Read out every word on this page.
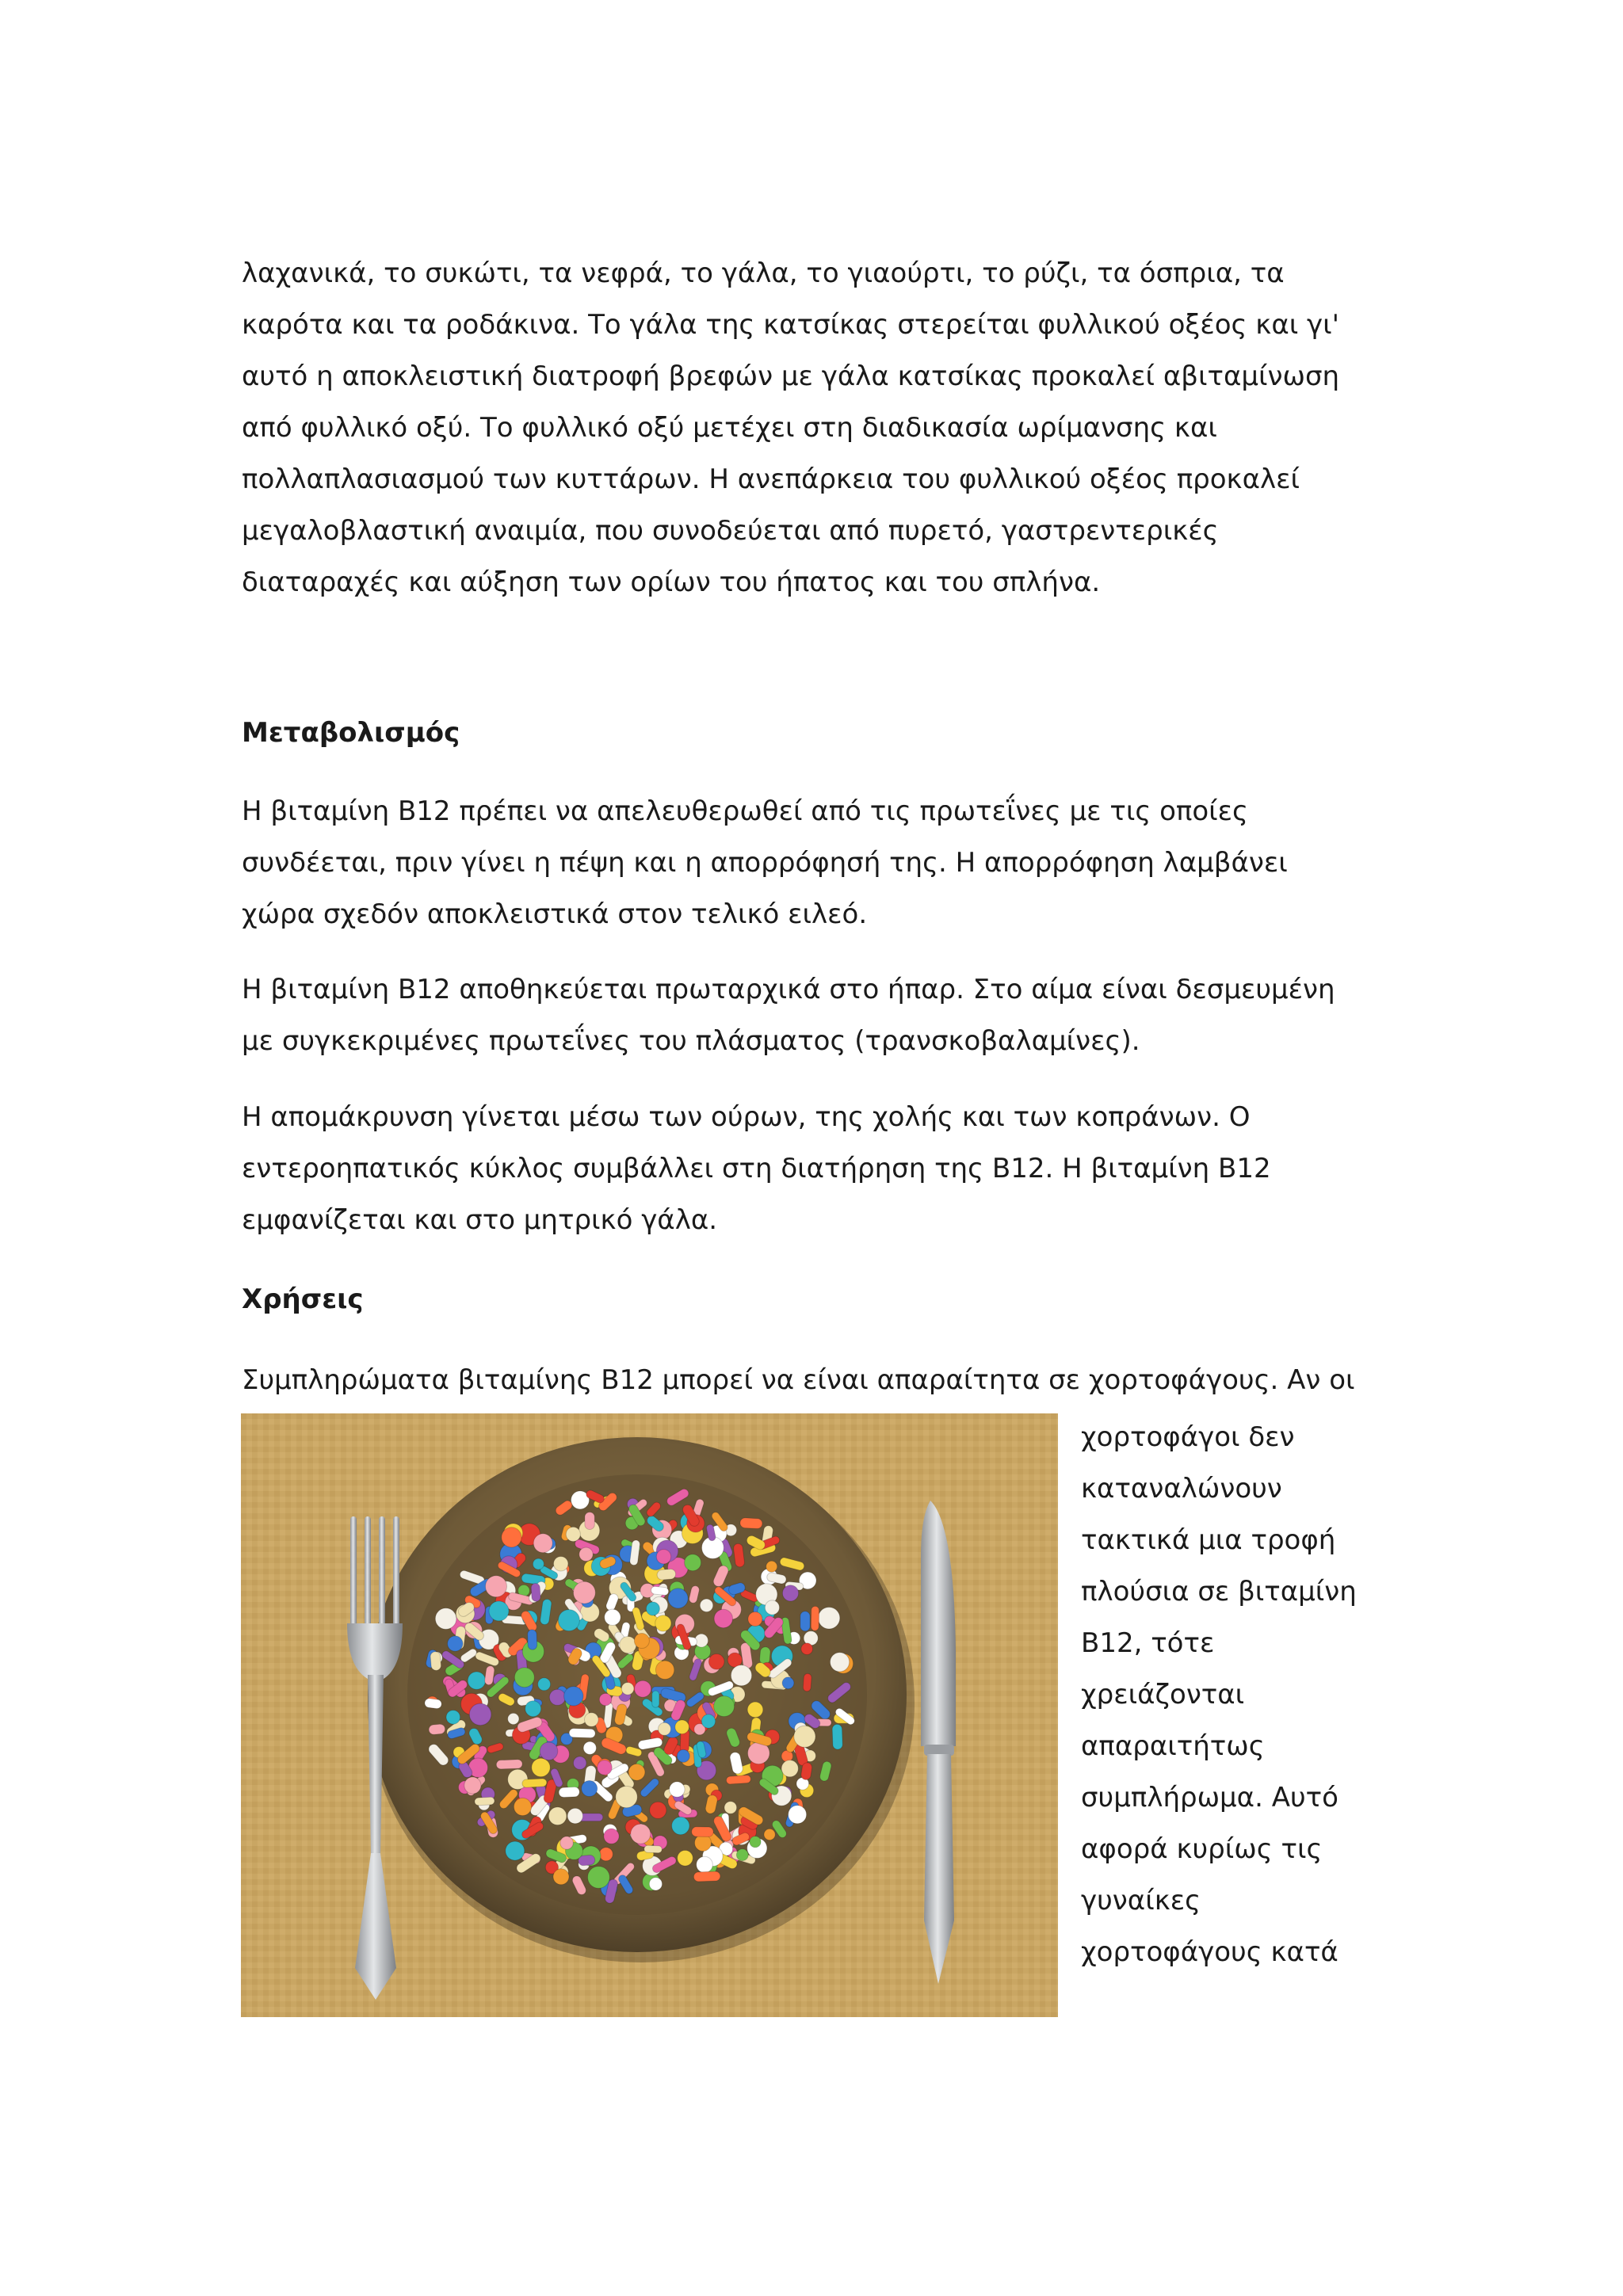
λαχανικά, το συκώτι, τα νεφρά, το γάλα, το γιαούρτι, το ρύζι, τα όσπρια, τα
καρότα και τα ροδάκινα. Το γάλα της κατσίκας στερείται φυλλικού οξέος και γι'
αυτό η αποκλειστική διατροφή βρεφών με γάλα κατσίκας προκαλεί αβιταμίνωση
από φυλλικό οξύ. Το φυλλικό οξύ μετέχει στη διαδικασία ωρίμανσης και
πολλαπλασιασμού των κυττάρων. Η ανεπάρκεια του φυλλικού οξέος προκαλεί
μεγαλοβλαστική αναιμία, που συνοδεύεται από πυρετό, γαστρεντερικές
διαταραχές και αύξηση των ορίων του ήπατος και του σπλήνα.
Μεταβολισμός
Η βιταμίνη Β12 πρέπει να απελευθερωθεί από τις πρωτεΐνες με τις οποίες
συνδέεται, πριν γίνει η πέψη και η απορρόφησή της. Η απορρόφηση λαμβάνει
χώρα σχεδόν αποκλειστικά στον τελικό ειλεό.
Η βιταμίνη Β12 αποθηκεύεται πρωταρχικά στο ήπαρ. Στο αίμα είναι δεσμευμένη
με συγκεκριμένες πρωτεΐνες του πλάσματος (τρανσκοβαλαμίνες).
Η απομάκρυνση γίνεται μέσω των ούρων, της χολής και των κοπράνων. Ο
εντεροηπατικός κύκλος συμβάλλει στη διατήρηση της Β12. Η βιταμίνη Β12
εμφανίζεται και στο μητρικό γάλα.
Χρήσεις
Συμπληρώματα βιταμίνης Β12 μπορεί να είναι απαραίτητα σε χορτοφάγους. Αν οι
χορτοφάγοι δεν
καταναλώνουν
τακτικά μια τροφή
πλούσια σε βιταμίνη
Β12, τότε
χρειάζονται
απαραιτήτως
συμπλήρωμα. Αυτό
αφορά κυρίως τις
γυναίκες
χορτοφάγους κατά
